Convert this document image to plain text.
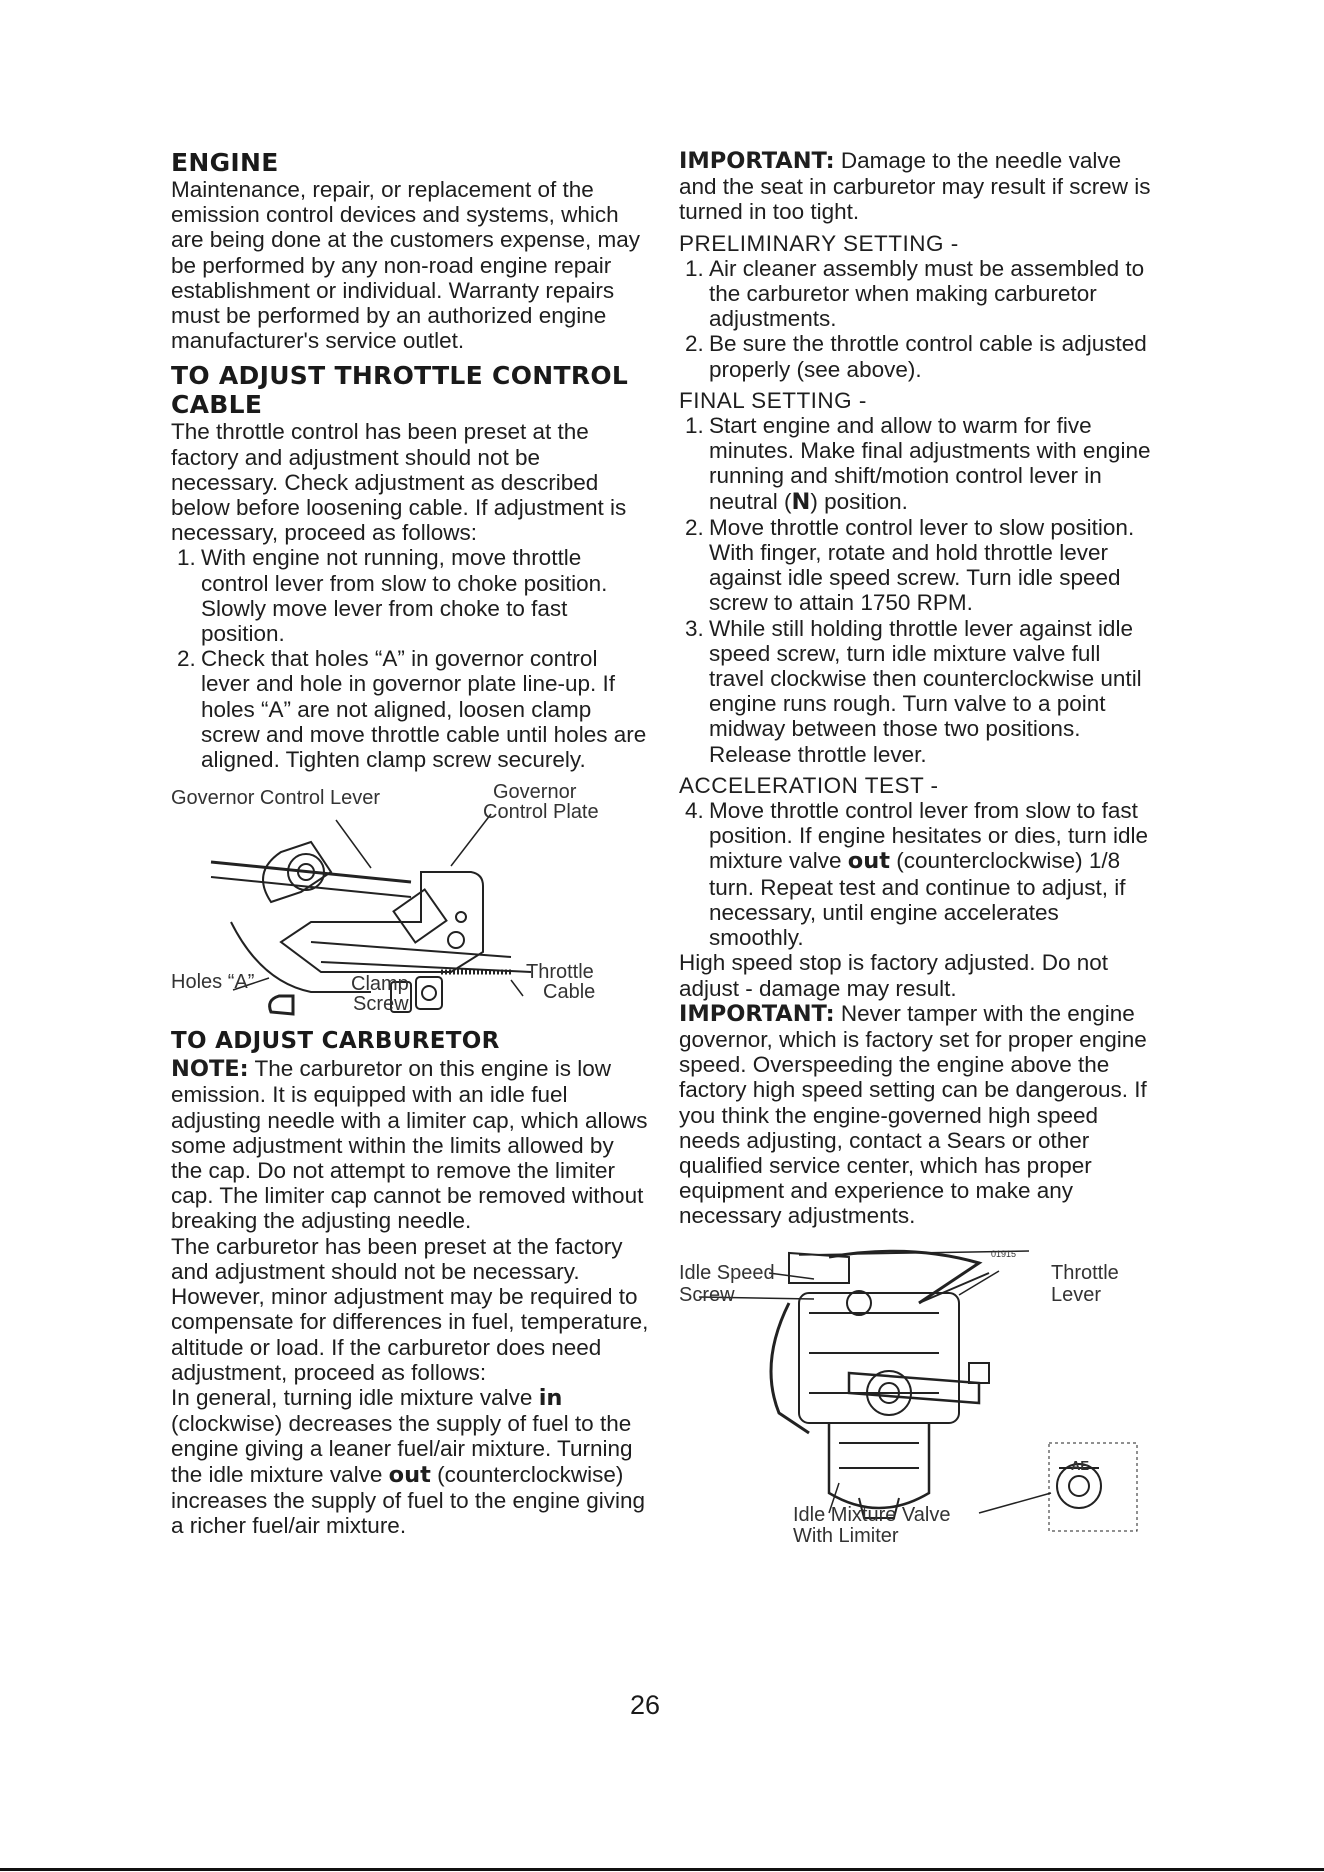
ENGINE

Maintenance, repair, or replacement of the emission control devices and systems, which are being done at the customers expense, may be performed by any non-road engine repair establishment or individual. Warranty repairs must be performed by an authorized engine manufacturer's service outlet.

TO ADJUST THROTTLE CONTROL CABLE

The throttle control has been preset at the factory and adjustment should not be necessary. Check adjustment as described below before loosening cable. If adjustment is necessary, proceed as follows:

1. With engine not running, move throttle control lever from slow to choke position. Slowly move lever from choke to fast position.
2. Check that holes “A” in governor control lever and hole in governor plate line-up. If holes “A” are not aligned, loosen clamp screw and move throttle cable until holes are aligned. Tighten clamp screw securely.
Governor Control Lever	Governor
Control Plate
Holes “A”	Clamp
Screw
Throttle
Cable
TO ADJUST CARBURETOR

NOTE: The carburetor on this engine is low emission. It is equipped with an idle fuel adjusting needle with a limiter cap, which allows some adjustment within the limits allowed by the cap. Do not attempt to remove the limiter cap. The limiter cap cannot be removed without breaking the adjusting needle.

The carburetor has been preset at the factory and adjustment should not be necessary. However, minor adjustment may be required to compensate for differences in fuel, temperature, altitude or load. If the carburetor does need adjustment, proceed as follows:

In general, turning idle mixture valve in (clockwise) decreases the supply of fuel to the engine giving a leaner fuel/air mixture. Turning the idle mixture valve out (counterclockwise) increases the supply of fuel to the engine giving a richer fuel/air mixture.

IMPORTANT: Damage to the needle valve and the seat in carburetor may result if screw is turned in too tight.

PRELIMINARY SETTING -

1. Air cleaner assembly must be assembled to the carburetor when making carburetor adjustments.
2. Be sure the throttle control cable is adjusted properly (see above).

FINAL SETTING -

1. Start engine and allow to warm for five minutes. Make final adjustments with engine running and shift/motion control lever in neutral (N) position.
2. Move throttle control lever to slow position. With finger, rotate and hold throttle lever against idle speed screw. Turn idle speed screw to attain 1750 RPM.
3. While still holding throttle lever against idle speed screw, turn idle mixture valve full travel clockwise then counterclockwise until engine runs rough. Turn valve to a point midway between those two positions. Release throttle lever.

ACCELERATION TEST -

4. Move throttle control lever from slow to fast position. If engine hesitates or dies, turn idle mixture valve out (counterclockwise) 1/8 turn. Repeat test and continue to adjust, if necessary, until engine accelerates smoothly.

High speed stop is factory adjusted. Do not adjust - damage may result.

IMPORTANT: Never tamper with the engine governor, which is factory set for proper engine speed. Overspeeding the engine above the factory high speed setting can be dangerous. If you think the engine-governed high speed needs adjusting, contact a Sears or other qualified service center, which has proper equipment and experience to make any necessary adjustments.

Idle Speed
Screw
Throttle
Lever
01915
AE
Idle Mixture Valve
With Limiter
26
